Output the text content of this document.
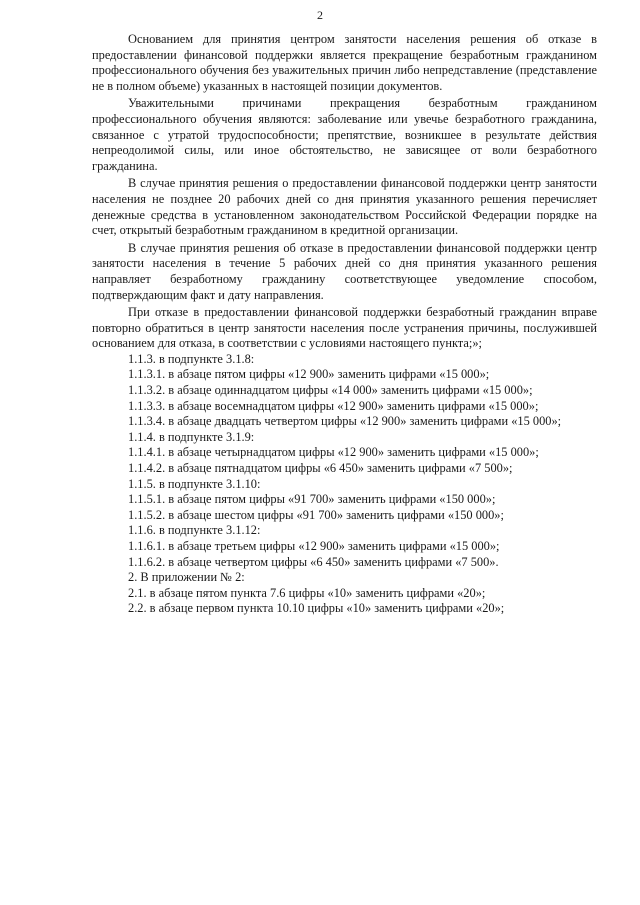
2

Основанием для принятия центром занятости населения решения об отказе в предоставлении финансовой поддержки является прекращение безработным гражданином профессионального обучения без уважительных причин либо непредставление (представление не в полном объеме) указанных в настоящей позиции документов.

Уважительными причинами прекращения безработным гражданином профессионального обучения являются: заболевание или увечье безработного гражданина, связанное с утратой трудоспособности; препятствие, возникшее в результате действия непреодолимой силы, или иное обстоятельство, не зависящее от воли безработного гражданина.

В случае принятия решения о предоставлении финансовой поддержки центр занятости населения не позднее 20 рабочих дней со дня принятия указанного решения перечисляет денежные средства в установленном законодательством Российской Федерации порядке на счет, открытый безработным гражданином в кредитной организации.

В случае принятия решения об отказе в предоставлении финансовой поддержки центр занятости населения в течение 5 рабочих дней со дня принятия указанного решения направляет безработному гражданину соответствующее уведомление способом, подтверждающим факт и дату направления.

При отказе в предоставлении финансовой поддержки безработный гражданин вправе повторно обратиться в центр занятости населения после устранения причины, послужившей основанием для отказа, в соответствии с условиями настоящего пункта;»;

1.1.3. в подпункте 3.1.8:

1.1.3.1. в абзаце пятом цифры «12 900» заменить цифрами «15 000»;

1.1.3.2. в абзаце одиннадцатом цифры «14 000» заменить цифрами «15 000»;

1.1.3.3. в абзаце восемнадцатом цифры «12 900» заменить цифрами «15 000»;

1.1.3.4. в абзаце двадцать четвертом цифры «12 900» заменить цифрами «15 000»;

1.1.4. в подпункте 3.1.9:

1.1.4.1. в абзаце четырнадцатом цифры «12 900» заменить цифрами «15 000»;

1.1.4.2. в абзаце пятнадцатом цифры «6 450» заменить цифрами «7 500»;

1.1.5. в подпункте 3.1.10:

1.1.5.1. в абзаце пятом цифры «91 700» заменить цифрами «150 000»;

1.1.5.2. в абзаце шестом цифры «91 700» заменить цифрами «150 000»;

1.1.6. в подпункте 3.1.12:

1.1.6.1. в абзаце третьем цифры «12 900» заменить цифрами «15 000»;

1.1.6.2. в абзаце четвертом цифры «6 450» заменить цифрами «7 500».

2. В приложении № 2:

2.1. в абзаце пятом пункта 7.6 цифры «10» заменить цифрами «20»;

2.2. в абзаце первом пункта 10.10 цифры «10» заменить цифрами «20»;
